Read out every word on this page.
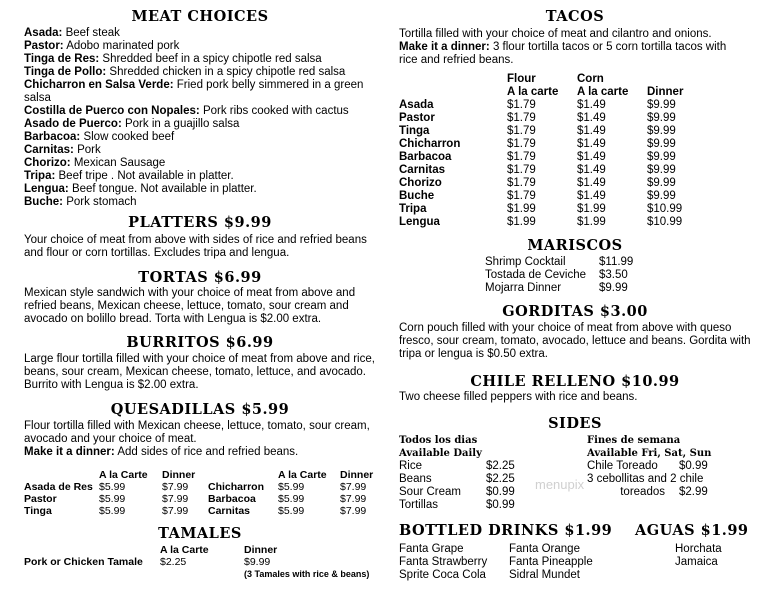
MEAT CHOICES
Asada: Beef steak
Pastor: Adobo marinated pork
Tinga de Res: Shredded beef in a spicy chipotle red salsa
Tinga de Pollo: Shredded chicken in a spicy chipotle red salsa
Chicharron en Salsa Verde: Fried pork belly simmered in a green salsa
Costilla de Puerco con Nopales: Pork ribs cooked with cactus
Asado de Puerco: Pork in a guajillo salsa
Barbacoa: Slow cooked beef
Carnitas: Pork
Chorizo: Mexican Sausage
Tripa: Beef tripe . Not available in platter.
Lengua: Beef tongue. Not available in platter.
Buche: Pork stomach
PLATTERS $9.99

Your choice of meat from above with sides of rice and refried beans and flour or corn tortillas. Excludes tripa and lengua.

TORTAS $6.99

Mexican style sandwich with your choice of meat from above and refried beans, Mexican cheese, lettuce, tomato, sour cream and avocado on bolillo bread. Torta with Lengua is $2.00 extra.

BURRITOS $6.99

Large flour tortilla filled with your choice of meat from above and rice, beans, sour cream, Mexican cheese, tomato, lettuce, and avocado. Burrito with Lengua is $2.00 extra.

QUESADILLAS $5.99

Flour tortilla filled with Mexican cheese, lettuce, tomato, sour cream, avocado and your choice of meat.

Make it a dinner: Add sides of rice and refried beans.
	A la Carte	Dinner
Asada de Res	$5.99	$7.99
Pastor	$5.99	$7.99
Tinga	$5.99	$7.99
	A la Carte	Dinner
Chicharron	$5.99	$7.99
Barbacoa	$5.99	$7.99
Carnitas	$5.99	$7.99
TAMALES
	A la Carte	Dinner
Pork or Chicken Tamale	$2.25	$9.99
		(3 Tamales with rice & beans)
TACOS

Tortilla filled with your choice of meat and cilantro and onions.

Make it a dinner: 3 flour tortilla tacos or 5 corn tortilla tacos with rice and refried beans.
	Flour	Corn	
	A la carte	A la carte	Dinner
Asada	$1.79	$1.49	$9.99
Pastor	$1.79	$1.49	$9.99
Tinga	$1.79	$1.49	$9.99
Chicharron	$1.79	$1.49	$9.99
Barbacoa	$1.79	$1.49	$9.99
Carnitas	$1.79	$1.49	$9.99
Chorizo	$1.79	$1.49	$9.99
Buche	$1.79	$1.49	$9.99
Tripa	$1.99	$1.99	$10.99
Lengua	$1.99	$1.99	$10.99
MARISCOS
Shrimp Cocktail	$11.99
Tostada de Ceviche	$3.50
Mojarra Dinner	$9.99
GORDITAS $3.00

Corn pouch filled with your choice of meat from above with queso fresco, sour cream, tomato, avocado, lettuce and beans. Gordita with tripa or lengua is $0.50 extra.

CHILE RELLENO $10.99

Two cheese filled peppers with rice and beans.

SIDES
Todos los dias
Available Daily
Rice	$2.25
Beans	$2.25
Sour Cream	$0.99
Tortillas	$0.99
Fines de semana
Available Fri, Sat, Sun
Chile Toreado	$0.99
3 cebollitas and 2 chile	
toreados	$2.99
menupix
BOTTLED DRINKS $1.99 AGUAS $1.99
Fanta Grape
Fanta Strawberry
Sprite Coca Cola
Fanta Orange
Fanta Pineapple
Sidral Mundet
Horchata
Jamaica
